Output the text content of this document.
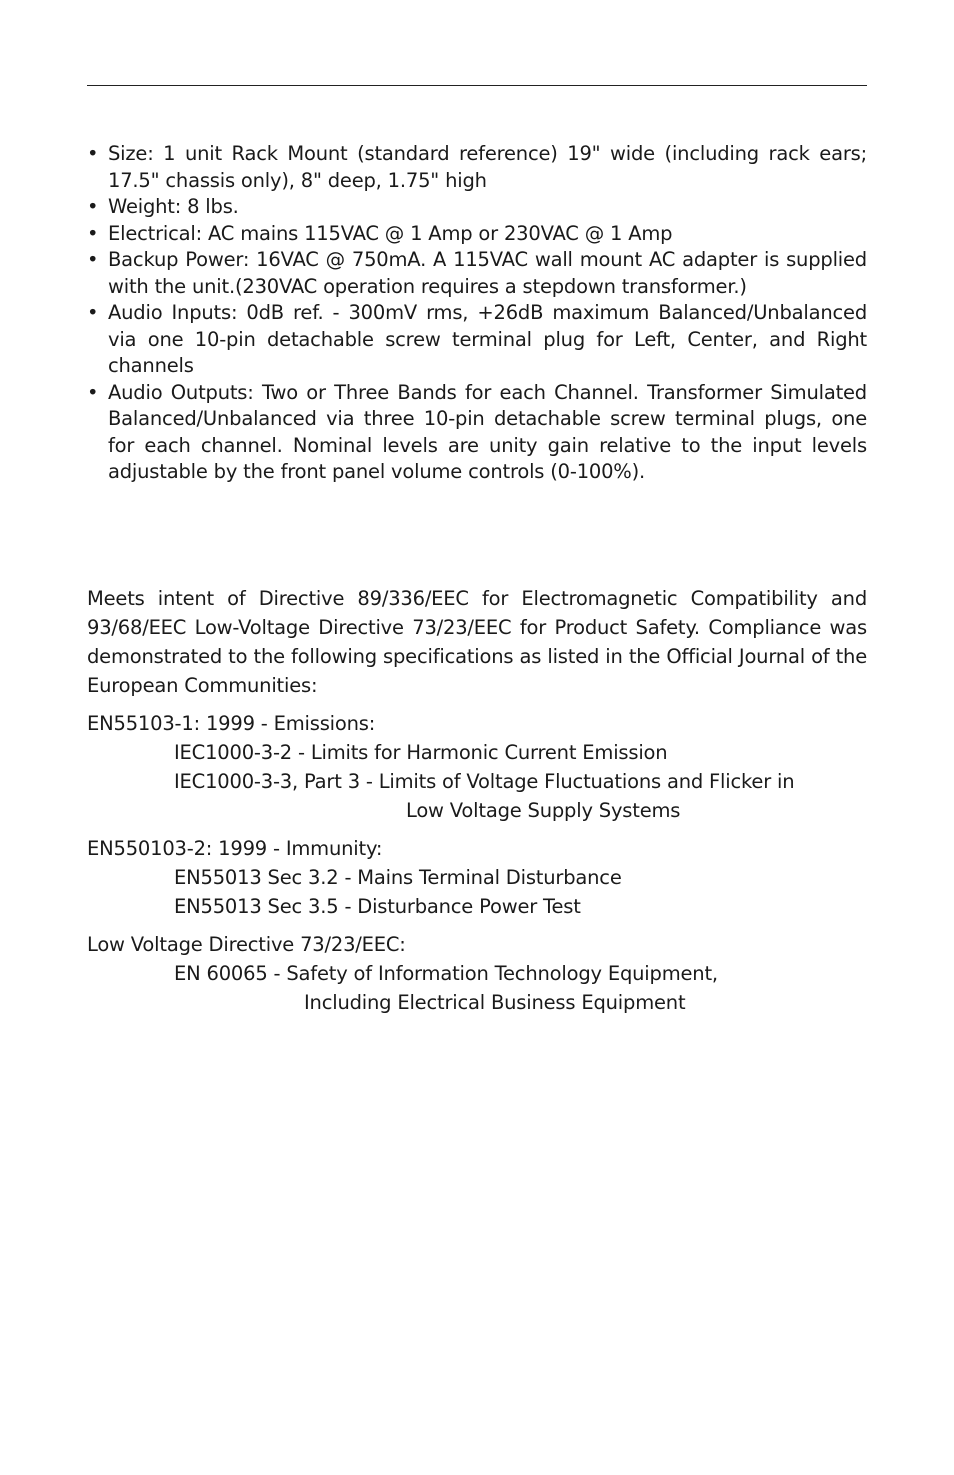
• Size: 1 unit Rack Mount (standard reference) 19" wide (including rack ears; 17.5" chassis only), 8" deep, 1.75" high
• Weight: 8 lbs.
• Electrical: AC mains 115VAC @ 1 Amp or 230VAC @ 1 Amp
• Backup Power: 16VAC @ 750mA. A 115VAC wall mount AC adapter is supplied with the unit.(230VAC operation requires a stepdown transformer.)
• Audio Inputs: 0dB ref. - 300mV rms, +26dB maximum Balanced/Unbalanced via one 10-pin detachable screw terminal plug for Left, Center, and Right channels
• Audio Outputs: Two or Three Bands for each Channel. Transformer Simulated Balanced/Unbalanced via three 10-pin detachable screw terminal plugs, one for each channel. Nominal levels are unity gain relative to the input levels adjustable by the front panel volume controls (0-100%).

Meets intent of Directive 89/336/EEC for Electromagnetic Compatibility and 93/68/EEC Low-Voltage Directive 73/23/EEC for Product Safety. Compliance was demonstrated to the following specifications as listed in the Official Journal of the European Communities:

EN55103-1: 1999 - Emissions:

IEC1000-3-2 - Limits for Harmonic Current Emission

IEC1000-3-3, Part 3 - Limits of Voltage Fluctuations and Flicker in
Low Voltage Supply Systems

EN550103-2: 1999 - Immunity:

EN55013 Sec 3.2 - Mains Terminal Disturbance

EN55013 Sec 3.5 - Disturbance Power Test

Low Voltage Directive 73/23/EEC:

EN 60065 - Safety of Information Technology Equipment,
Including Electrical Business Equipment
